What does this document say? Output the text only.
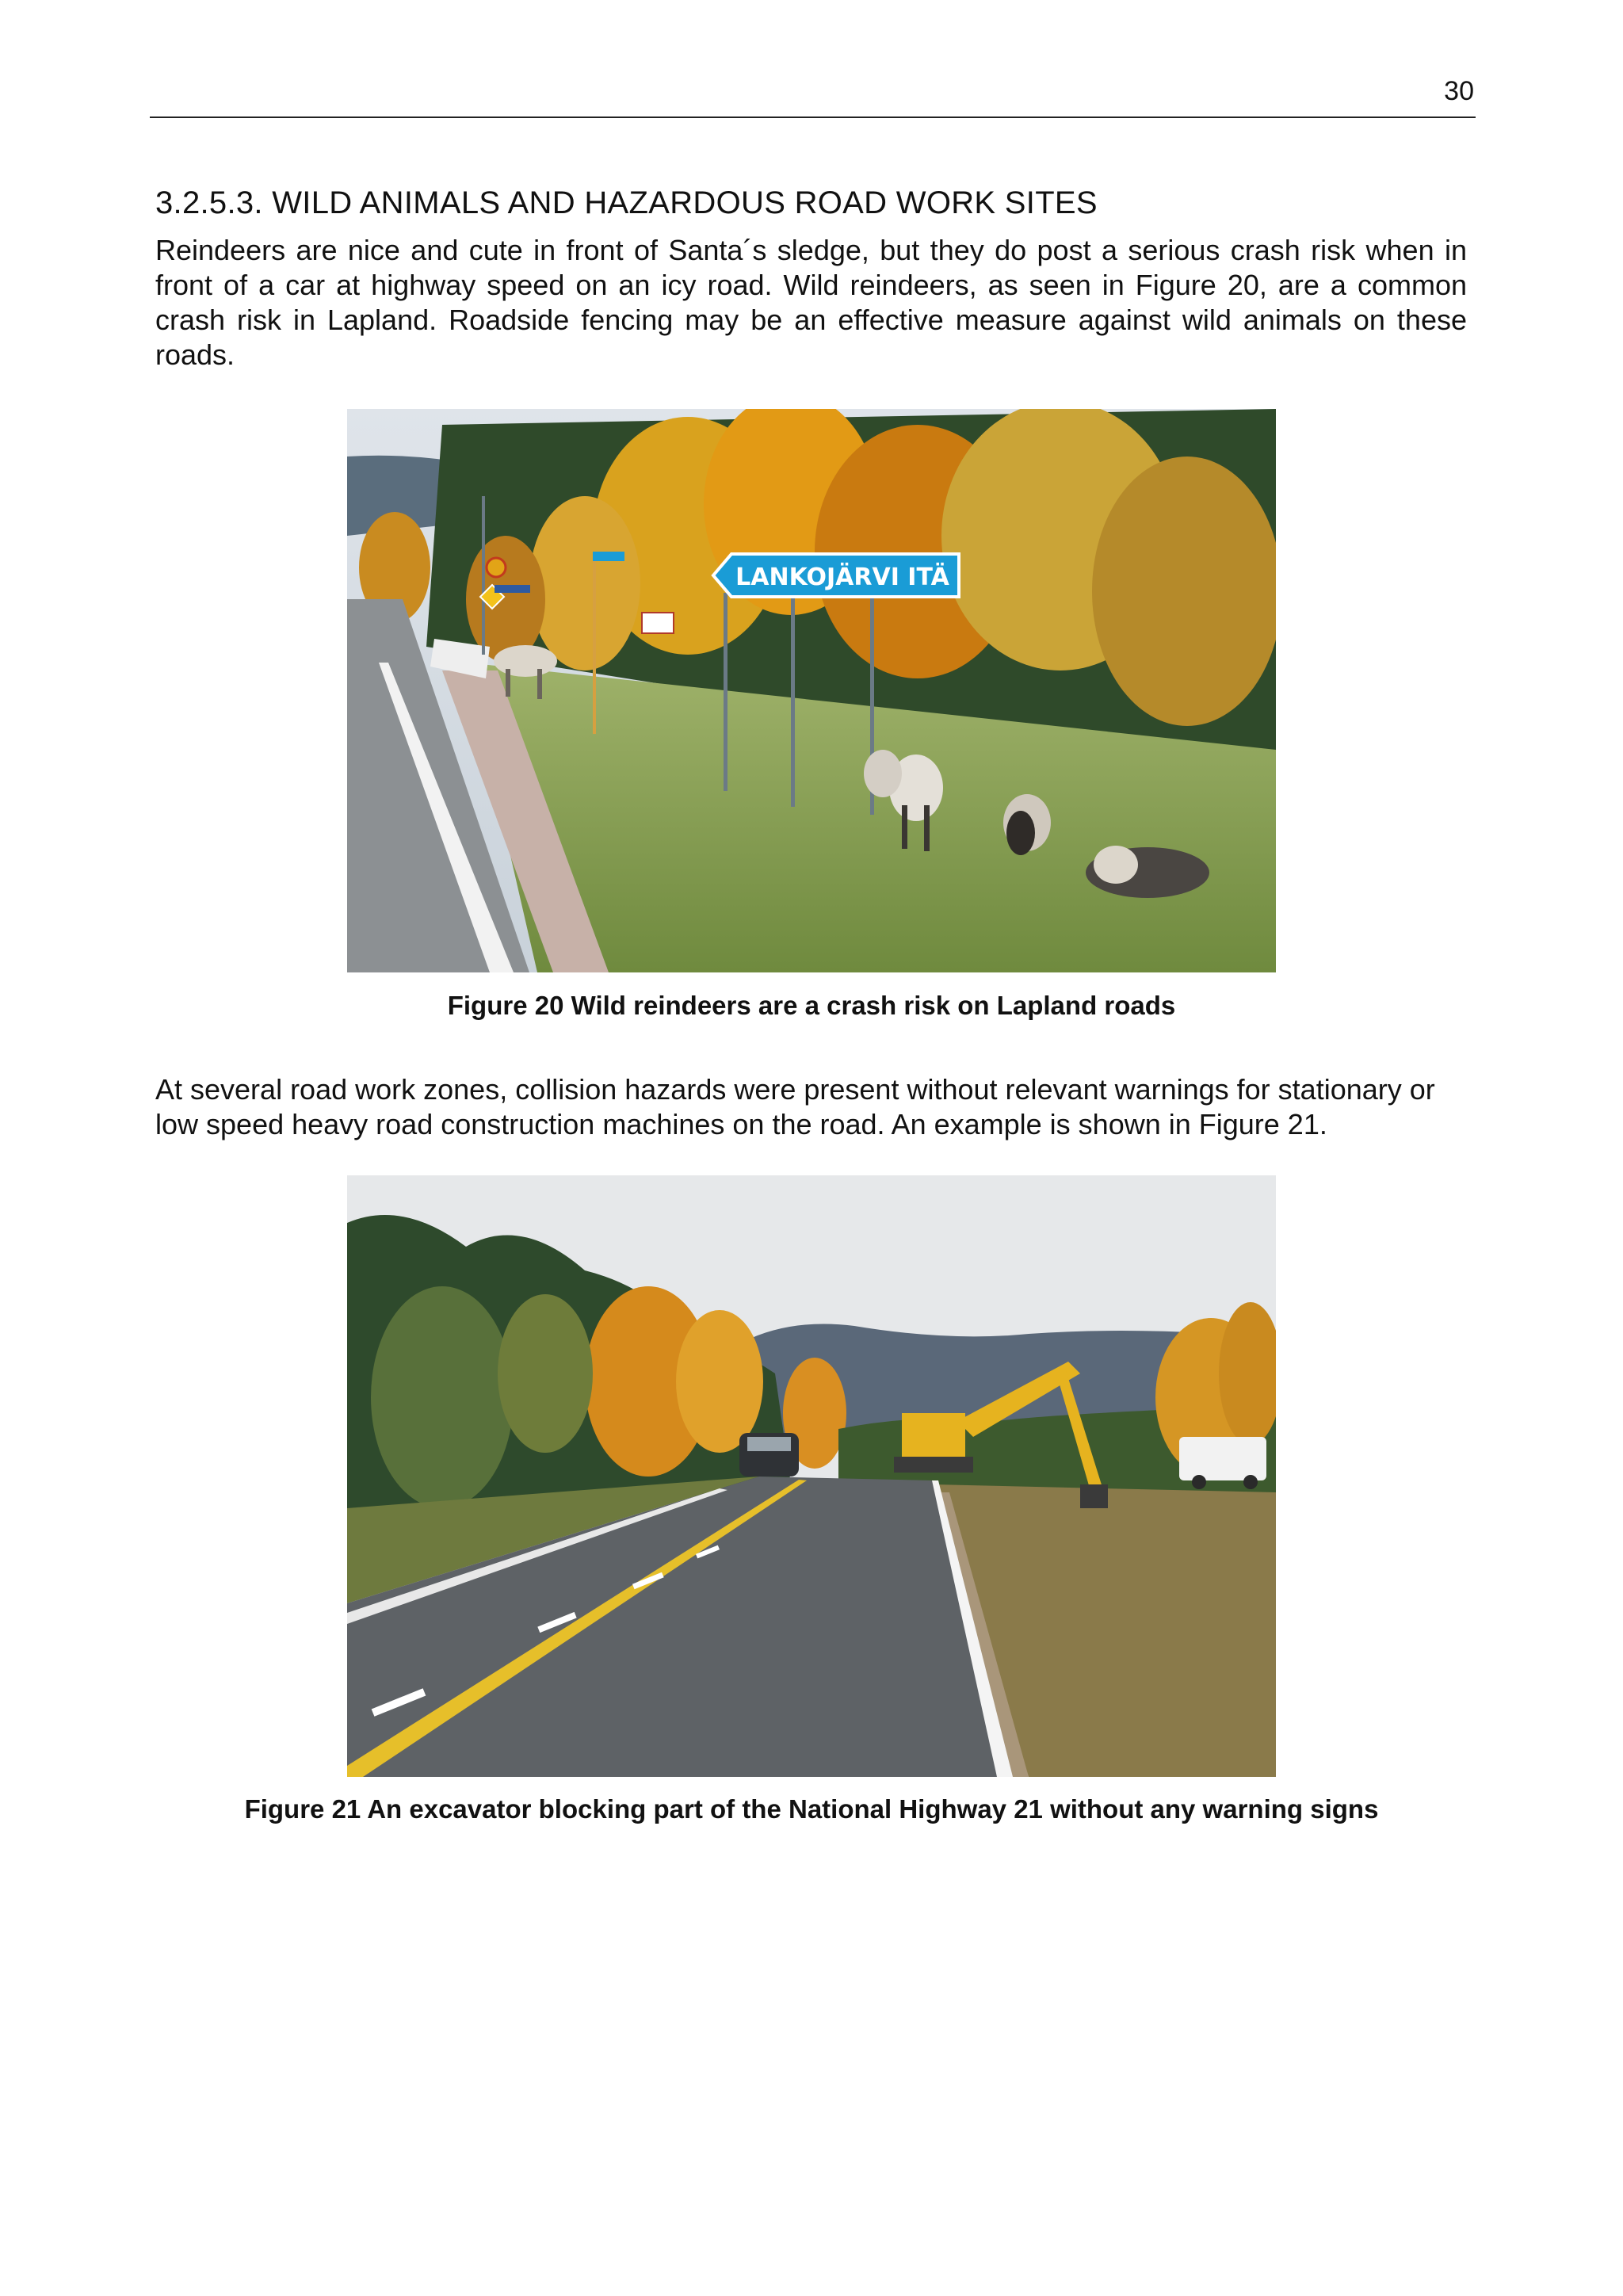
30
3.2.5.3. WILD ANIMALS AND HAZARDOUS ROAD WORK SITES

Reindeers are nice and cute in front of Santa´s sledge, but they do post a serious crash risk when in front of a car at highway speed on an icy road. Wild reindeers, as seen in Figure 20, are a common crash risk in Lapland. Roadside fencing may be an effective measure against wild animals on these roads.

LANKOJÄRVI ITÄ

Figure 20 Wild reindeers are a crash risk on Lapland roads

At several road work zones, collision hazards were present without relevant warnings for stationary or low speed heavy road construction machines on the road. An example is shown in Figure 21.

Figure 21 An excavator blocking part of the National Highway 21 without any warning signs
